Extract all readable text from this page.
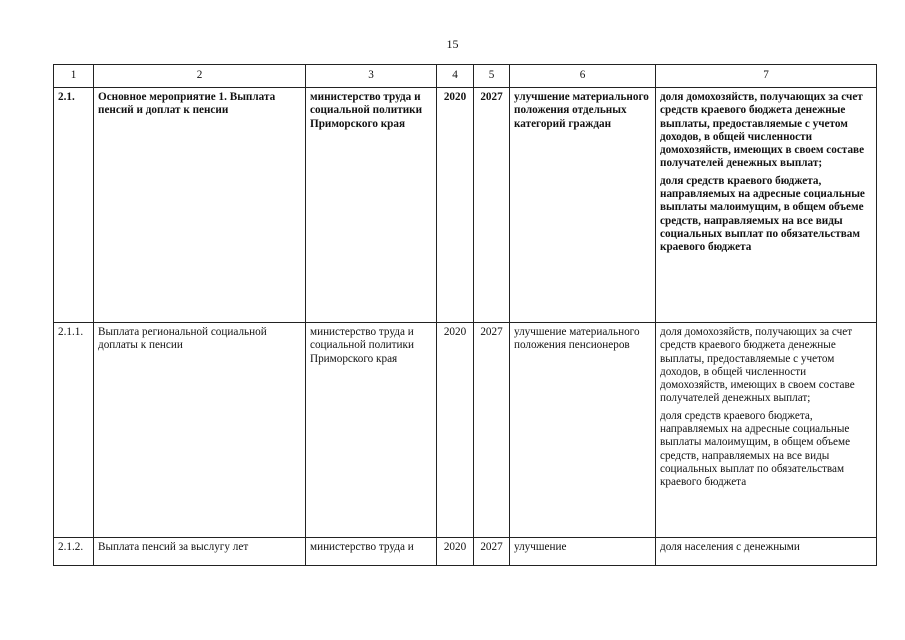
15
1	2	3	4	5	6	7
2.1.	Основное мероприятие 1. Выплата пенсий и доплат к пенсии	министерство труда и социальной политики Приморского края	2020	2027	улучшение материального положения отдельных категорий граждан	доля домохозяйств, получающих за счет средств краевого бюджета денежные выплаты, предоставляемые с учетом доходов, в общей численности домохозяйств, имеющих в своем составе получателей денежных выплат;
доля средств краевого бюджета, направляемых на адресные социальные выплаты малоимущим, в общем объеме средств, направляемых на все виды социальных выплат по обязательствам краевого бюджета

2.1.1.	Выплата региональной социальной доплаты к пенсии	министерство труда и социальной политики Приморского края	2020	2027	улучшение материального положения пенсионеров	доля домохозяйств, получающих за счет средств краевого бюджета денежные выплаты, предоставляемые с учетом доходов, в общей численности домохозяйств, имеющих в своем составе получателей денежных выплат;
доля средств краевого бюджета, направляемых на адресные социальные выплаты малоимущим, в общем объеме средств, направляемых на все виды социальных выплат по обязательствам краевого бюджета

2.1.2.	Выплата пенсий за выслугу лет	министерство труда и	2020	2027	улучшение	доля населения с денежными
